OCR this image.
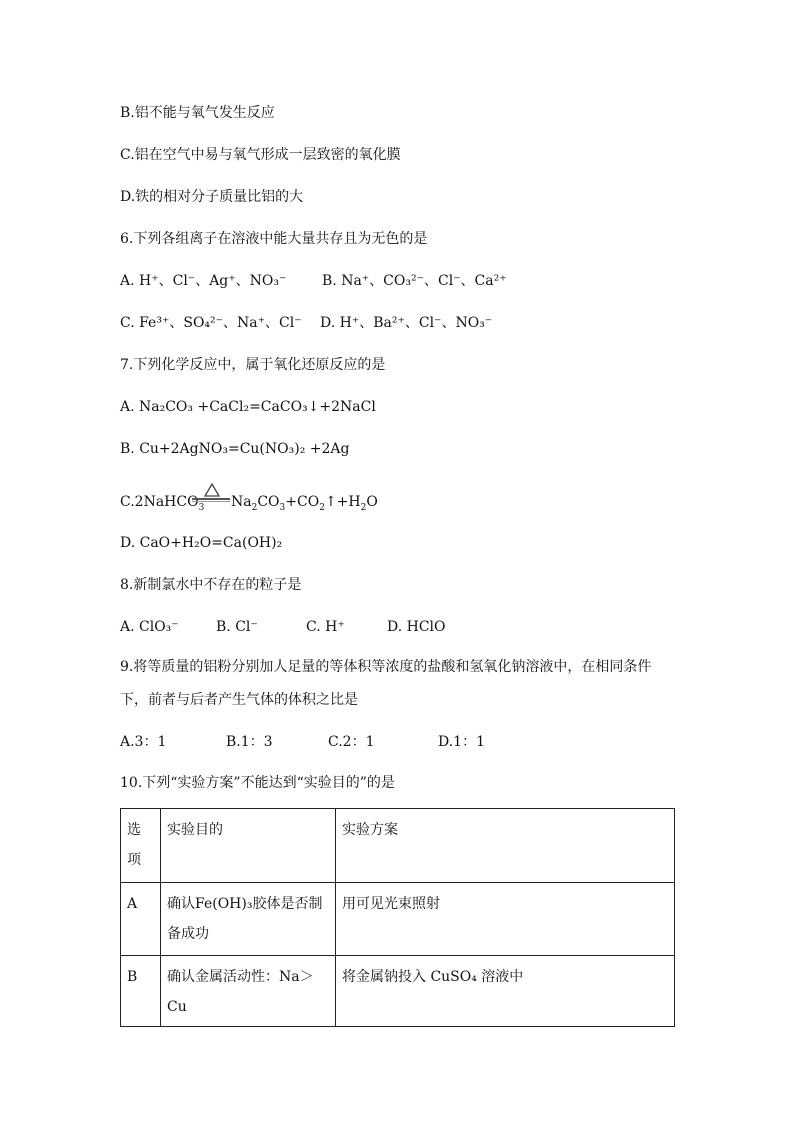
B.铝不能与氧气发生反应
C.铝在空气中易与氧气形成一层致密的氧化膜
D.铁的相对分子质量比铝的大
6.下列各组离子在溶液中能大量共存且为无色的是
A. H⁺、Cl⁻、Ag⁺、NO₃⁻	B. Na⁺、CO₃²⁻、Cl⁻、Ca²⁺
C. Fe³⁺、SO₄²⁻、Na⁺、Cl⁻ D. H⁺、Ba²⁺、Cl⁻、NO₃⁻
7.下列化学反应中，属于氧化还原反应的是
A. Na₂CO₃ +CaCl₂=CaCO₃↓+2NaCl
B. Cu+2AgNO₃=Cu(NO₃)₂ +2Ag
C.2NaHCO$_3$ $Na_2CO_3+CO_2↑+H_2O$
D. CaO+H₂O=Ca(OH)₂
8.新制氯水中不存在的粒子是
A. ClO₃⁻	B. Cl⁻	C. H⁺	D. HClO
9.将等质量的铝粉分别加人足量的等体积等浓度的盐酸和氢氧化钠溶液中，在相同条件
下，前者与后者产生气体的体积之比是
A.3：1	B.1：3	C.2：1	D.1：1
10.下列“实验方案”不能达到“实验目的”的是
选项	实验目的	实验方案
A	确认Fe(OH)₃胶体是否制备成功	用可见光束照射
B	确认金属活动性：Na＞Cu	将金属钠投入 CuSO₄ 溶液中
